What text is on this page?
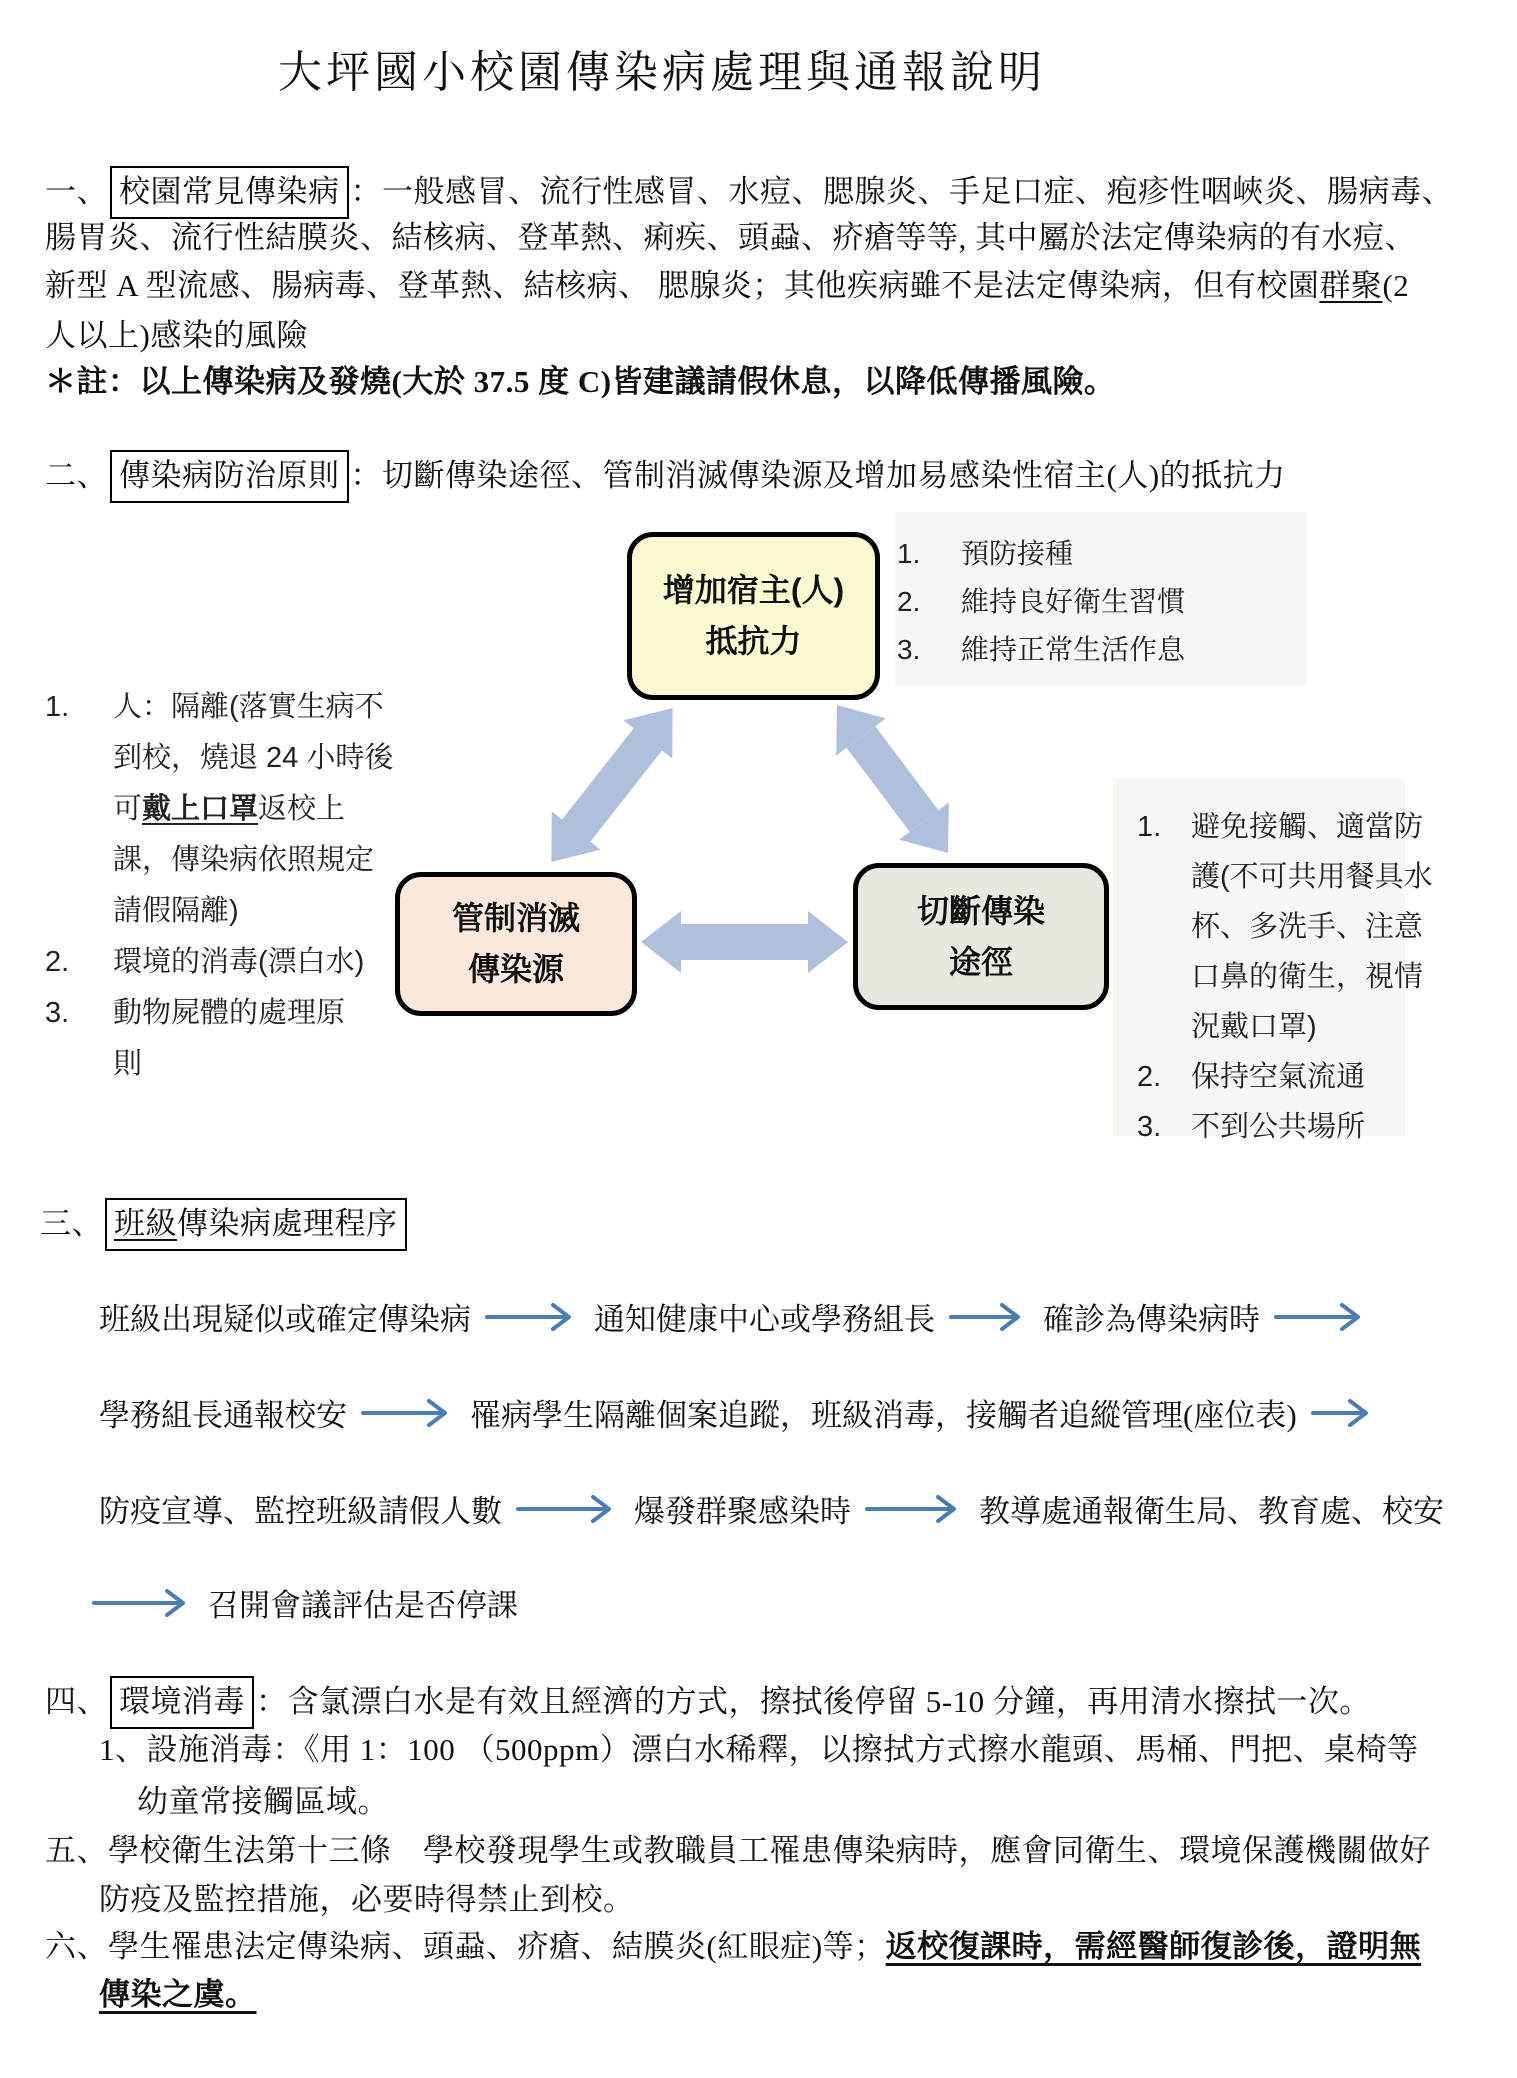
大坪國小校園傳染病處理與通報說明
一、 校園常見傳染病 ：一般感冒、流行性感冒、水痘、腮腺炎、手足口症、疱疹性咽峽炎、腸病毒、
腸胃炎、流行性結膜炎、結核病、登革熱、痢疾、頭蝨、疥瘡等等, 其中屬於法定傳染病的有水痘、
新型 A 型流感、腸病毒、登革熱、結核病、 腮腺炎；其他疾病雖不是法定傳染病，但有校園群聚(2
人以上)感染的風險
＊註：以上傳染病及發燒(大於 37.5 度 C)皆建議請假休息，以降低傳播風險。
二、 傳染病防治原則 ：切斷傳染途徑、管制消滅傳染源及增加易感染性宿主(人)的抵抗力
增加宿主(人)
抵抗力
管制消滅
傳染源
切斷傳染
途徑
1.	預防接種
2.	維持良好衛生習慣
3.	維持正常生活作息
1.	人：隔離(落實生病不到校，燒退 24 小時後可戴上口罩返校上課，傳染病依照規定請假隔離)
2.	環境的消毒(漂白水)
3.	動物屍體的處理原
則
1.	避免接觸、適當防護(不可共用餐具水杯、多洗手、注意口鼻的衛生，視情況戴口罩)
2.	保持空氣流通
3.	不到公共場所
三、 班級傳染病處理程序
班級出現疑似或確定傳染病	通知健康中心或學務組長	確診為傳染病時
學務組長通報校安	罹病學生隔離個案追蹤，班級消毒，接觸者追縱管理(座位表)
防疫宣導、監控班級請假人數	爆發群聚感染時	教導處通報衛生局、教育處、校安
召開會議評估是否停課
四、 環境消毒 ：含氯漂白水是有效且經濟的方式，擦拭後停留 5-10 分鐘，再用清水擦拭一次。
1、設施消毒：《用 1：100 （500ppm）漂白水稀釋，以擦拭方式擦水龍頭、馬桶、門把、桌椅等
幼童常接觸區域。
五、學校衛生法第十三條　學校發現學生或教職員工罹患傳染病時，應會同衛生、環境保護機關做好
防疫及監控措施，必要時得禁止到校。
六、學生罹患法定傳染病、頭蝨、疥瘡、結膜炎(紅眼症)等；返校復課時，需經醫師復診後，證明無
傳染之虞。
